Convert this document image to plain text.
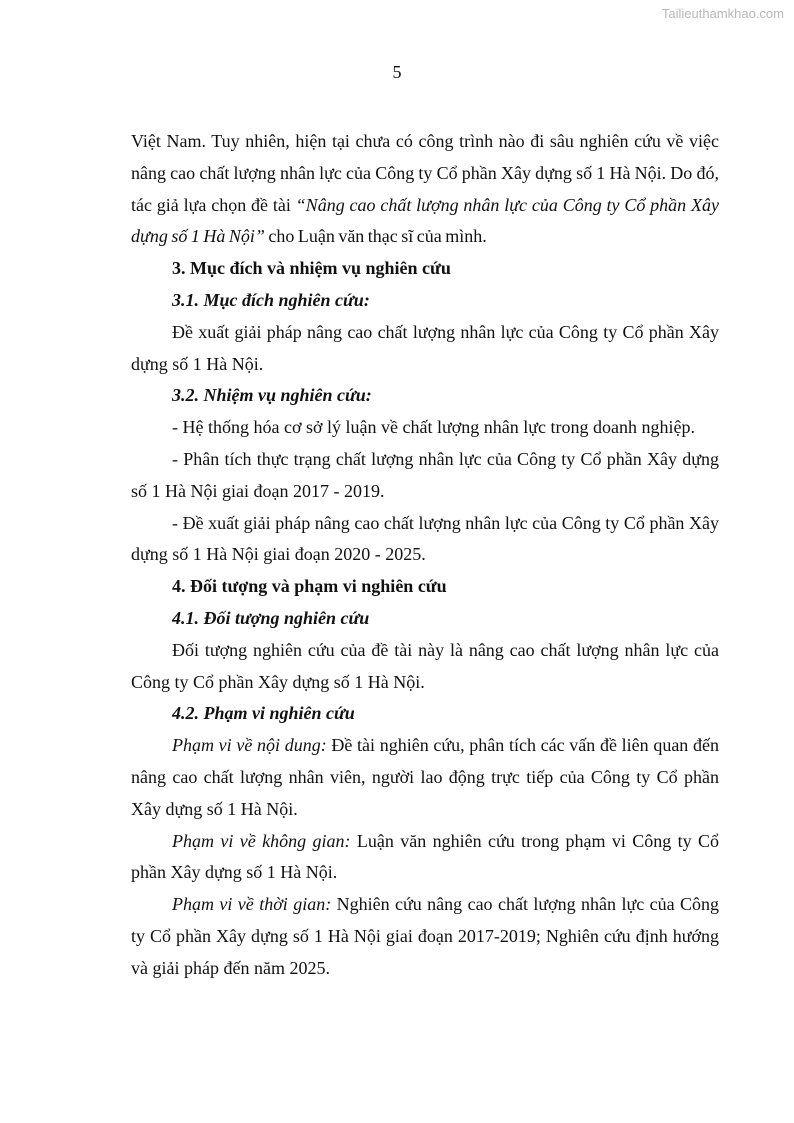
Tailieuthamkhao.com
5

Việt Nam. Tuy nhiên, hiện tại chưa có công trình nào đi sâu nghiên cứu về việc nâng cao chất lượng nhân lực của Công ty Cổ phần Xây dựng số 1 Hà Nội. Do đó, tác giả lựa chọn đề tài “Nâng cao chất lượng nhân lực của Công ty Cổ phần Xây dựng số 1 Hà Nội” cho Luận văn thạc sĩ của mình.

3. Mục đích và nhiệm vụ nghiên cứu

3.1. Mục đích nghiên cứu:

Đề xuất giải pháp nâng cao chất lượng nhân lực của Công ty Cổ phần Xây dựng số 1 Hà Nội.

3.2. Nhiệm vụ nghiên cứu:

- Hệ thống hóa cơ sở lý luận về chất lượng nhân lực trong doanh nghiệp.

- Phân tích thực trạng chất lượng nhân lực của Công ty Cổ phần Xây dựng số 1 Hà Nội giai đoạn 2017 - 2019.

- Đề xuất giải pháp nâng cao chất lượng nhân lực của Công ty Cổ phần Xây dựng số 1 Hà Nội giai đoạn 2020 - 2025.

4. Đối tượng và phạm vi nghiên cứu

4.1. Đối tượng nghiên cứu

Đối tượng nghiên cứu của đề tài này là nâng cao chất lượng nhân lực của Công ty Cổ phần Xây dựng số 1 Hà Nội.

4.2. Phạm vi nghiên cứu

Phạm vi về nội dung: Đề tài nghiên cứu, phân tích các vấn đề liên quan đến nâng cao chất lượng nhân viên, người lao động trực tiếp của Công ty Cổ phần Xây dựng số 1 Hà Nội.

Phạm vi về không gian: Luận văn nghiên cứu trong phạm vi Công ty Cổ phần Xây dựng số 1 Hà Nội.

Phạm vi về thời gian: Nghiên cứu nâng cao chất lượng nhân lực của Công ty Cổ phần Xây dựng số 1 Hà Nội giai đoạn 2017-2019; Nghiên cứu định hướng và giải pháp đến năm 2025.
